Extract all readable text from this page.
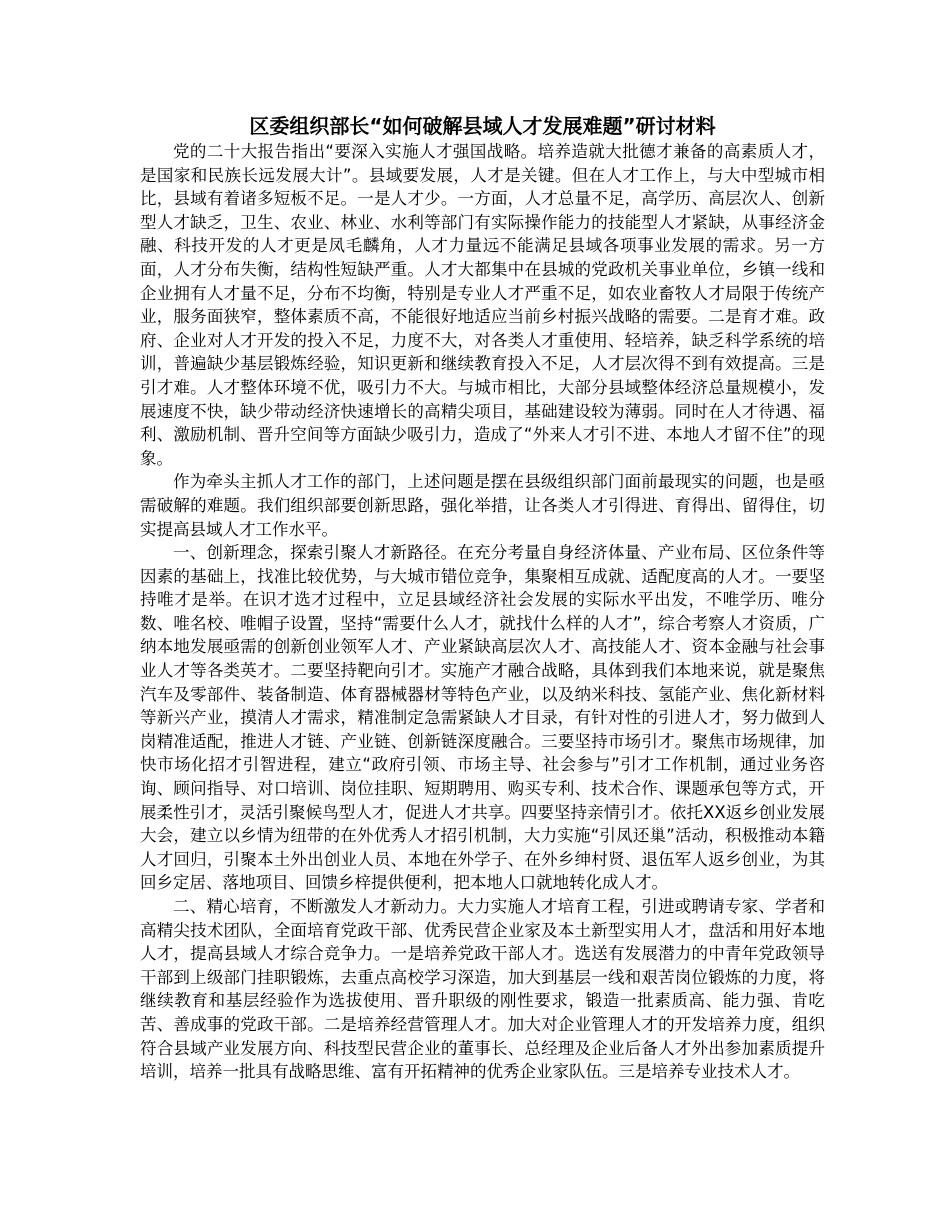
区委组织部长“如何破解县域人才发展难题”研讨材料

党的二十大报告指出“要深入实施人才强国战略。培养造就大批德才兼备的高素质人才，是国家和民族长远发展大计”。县域要发展，人才是关键。但在人才工作上，与大中型城市相比，县域有着诸多短板不足。一是人才少。一方面，人才总量不足，高学历、高层次人、创新型人才缺乏，卫生、农业、林业、水利等部门有实际操作能力的技能型人才紧缺，从事经济金融、科技开发的人才更是凤毛麟角，人才力量远不能满足县域各项事业发展的需求。另一方面，人才分布失衡，结构性短缺严重。人才大都集中在县城的党政机关事业单位，乡镇一线和企业拥有人才量不足，分布不均衡，特别是专业人才严重不足，如农业畜牧人才局限于传统产业，服务面狭窄，整体素质不高，不能很好地适应当前乡村振兴战略的需要。二是育才难。政府、企业对人才开发的投入不足，力度不大，对各类人才重使用、轻培养，缺乏科学系统的培训，普遍缺少基层锻炼经验，知识更新和继续教育投入不足，人才层次得不到有效提高。三是引才难。人才整体环境不优，吸引力不大。与城市相比，大部分县域整体经济总量规模小，发展速度不快，缺少带动经济快速增长的高精尖项目，基础建设较为薄弱。同时在人才待遇、福利、激励机制、晋升空间等方面缺少吸引力，造成了“外来人才引不进、本地人才留不住”的现象。

作为牵头主抓人才工作的部门，上述问题是摆在县级组织部门面前最现实的问题，也是亟需破解的难题。我们组织部要创新思路，强化举措，让各类人才引得进、育得出、留得住，切实提高县域人才工作水平。

一、创新理念，探索引聚人才新路径。在充分考量自身经济体量、产业布局、区位条件等因素的基础上，找准比较优势，与大城市错位竞争，集聚相互成就、适配度高的人才。一要坚持唯才是举。在识才选才过程中，立足县域经济社会发展的实际水平出发，不唯学历、唯分数、唯名校、唯帽子设置，坚持“需要什么人才，就找什么样的人才”，综合考察人才资质，广纳本地发展亟需的创新创业领军人才、产业紧缺高层次人才、高技能人才、资本金融与社会事业人才等各类英才。二要坚持靶向引才。实施产才融合战略，具体到我们本地来说，就是聚焦汽车及零部件、装备制造、体育器械器材等特色产业，以及纳米科技、氢能产业、焦化新材料等新兴产业，摸清人才需求，精准制定急需紧缺人才目录，有针对性的引进人才，努力做到人岗精准适配，推进人才链、产业链、创新链深度融合。三要坚持市场引才。聚焦市场规律，加快市场化招才引智进程，建立“政府引领、市场主导、社会参与”引才工作机制，通过业务咨询、顾问指导、对口培训、岗位挂职、短期聘用、购买专利、技术合作、课题承包等方式，开展柔性引才，灵活引聚候鸟型人才，促进人才共享。四要坚持亲情引才。依托XX返乡创业发展大会，建立以乡情为纽带的在外优秀人才招引机制，大力实施“引凤还巢”活动，积极推动本籍人才回归，引聚本土外出创业人员、本地在外学子、在外乡绅村贤、退伍军人返乡创业，为其回乡定居、落地项目、回馈乡梓提供便利，把本地人口就地转化成人才。

二、精心培育，不断激发人才新动力。大力实施人才培育工程，引进或聘请专家、学者和高精尖技术团队，全面培育党政干部、优秀民营企业家及本土新型实用人才，盘活和用好本地人才，提高县域人才综合竞争力。一是培养党政干部人才。选送有发展潜力的中青年党政领导干部到上级部门挂职锻炼，去重点高校学习深造，加大到基层一线和艰苦岗位锻炼的力度，将继续教育和基层经验作为选拔使用、晋升职级的刚性要求，锻造一批素质高、能力强、肯吃苦、善成事的党政干部。二是培养经营管理人才。加大对企业管理人才的开发培养力度，组织符合县域产业发展方向、科技型民营企业的董事长、总经理及企业后备人才外出参加素质提升培训，培养一批具有战略思维、富有开拓精神的优秀企业家队伍。三是培养专业技术人才。
